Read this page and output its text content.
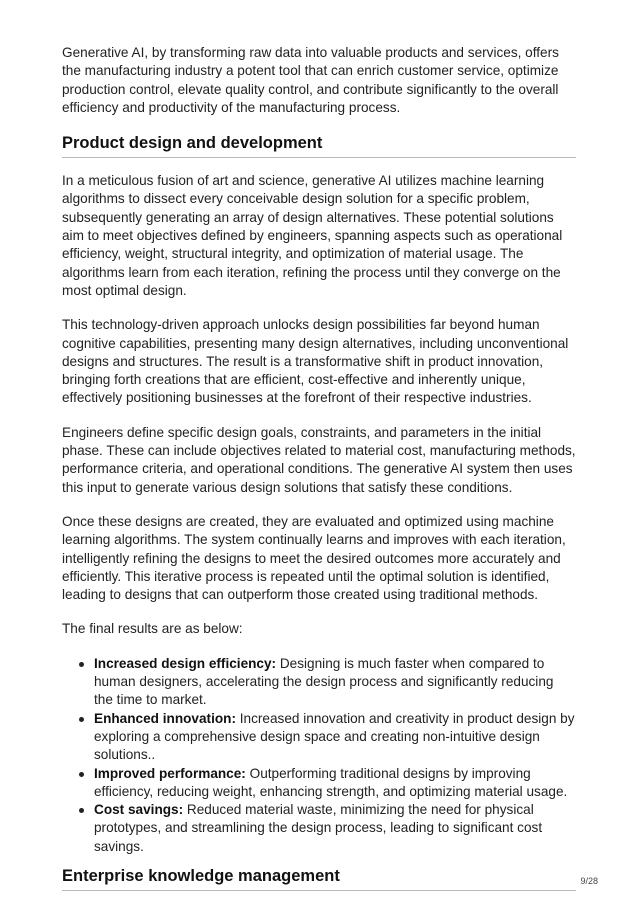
Generative AI, by transforming raw data into valuable products and services, offers the manufacturing industry a potent tool that can enrich customer service, optimize production control, elevate quality control, and contribute significantly to the overall efficiency and productivity of the manufacturing process.

Product design and development

In a meticulous fusion of art and science, generative AI utilizes machine learning algorithms to dissect every conceivable design solution for a specific problem, subsequently generating an array of design alternatives. These potential solutions aim to meet objectives defined by engineers, spanning aspects such as operational efficiency, weight, structural integrity, and optimization of material usage. The algorithms learn from each iteration, refining the process until they converge on the most optimal design.

This technology-driven approach unlocks design possibilities far beyond human cognitive capabilities, presenting many design alternatives, including unconventional designs and structures. The result is a transformative shift in product innovation, bringing forth creations that are efficient, cost-effective and inherently unique, effectively positioning businesses at the forefront of their respective industries.

Engineers define specific design goals, constraints, and parameters in the initial phase. These can include objectives related to material cost, manufacturing methods, performance criteria, and operational conditions. The generative AI system then uses this input to generate various design solutions that satisfy these conditions.

Once these designs are created, they are evaluated and optimized using machine learning algorithms. The system continually learns and improves with each iteration, intelligently refining the designs to meet the desired outcomes more accurately and efficiently. This iterative process is repeated until the optimal solution is identified, leading to designs that can outperform those created using traditional methods.

The final results are as below:

Increased design efficiency: Designing is much faster when compared to human designers, accelerating the design process and significantly reducing the time to market.
Enhanced innovation: Increased innovation and creativity in product design by exploring a comprehensive design space and creating non-intuitive design solutions..
Improved performance: Outperforming traditional designs by improving efficiency, reducing weight, enhancing strength, and optimizing material usage.
Cost savings: Reduced material waste, minimizing the need for physical prototypes, and streamlining the design process, leading to significant cost savings.
Enterprise knowledge management	9/28
